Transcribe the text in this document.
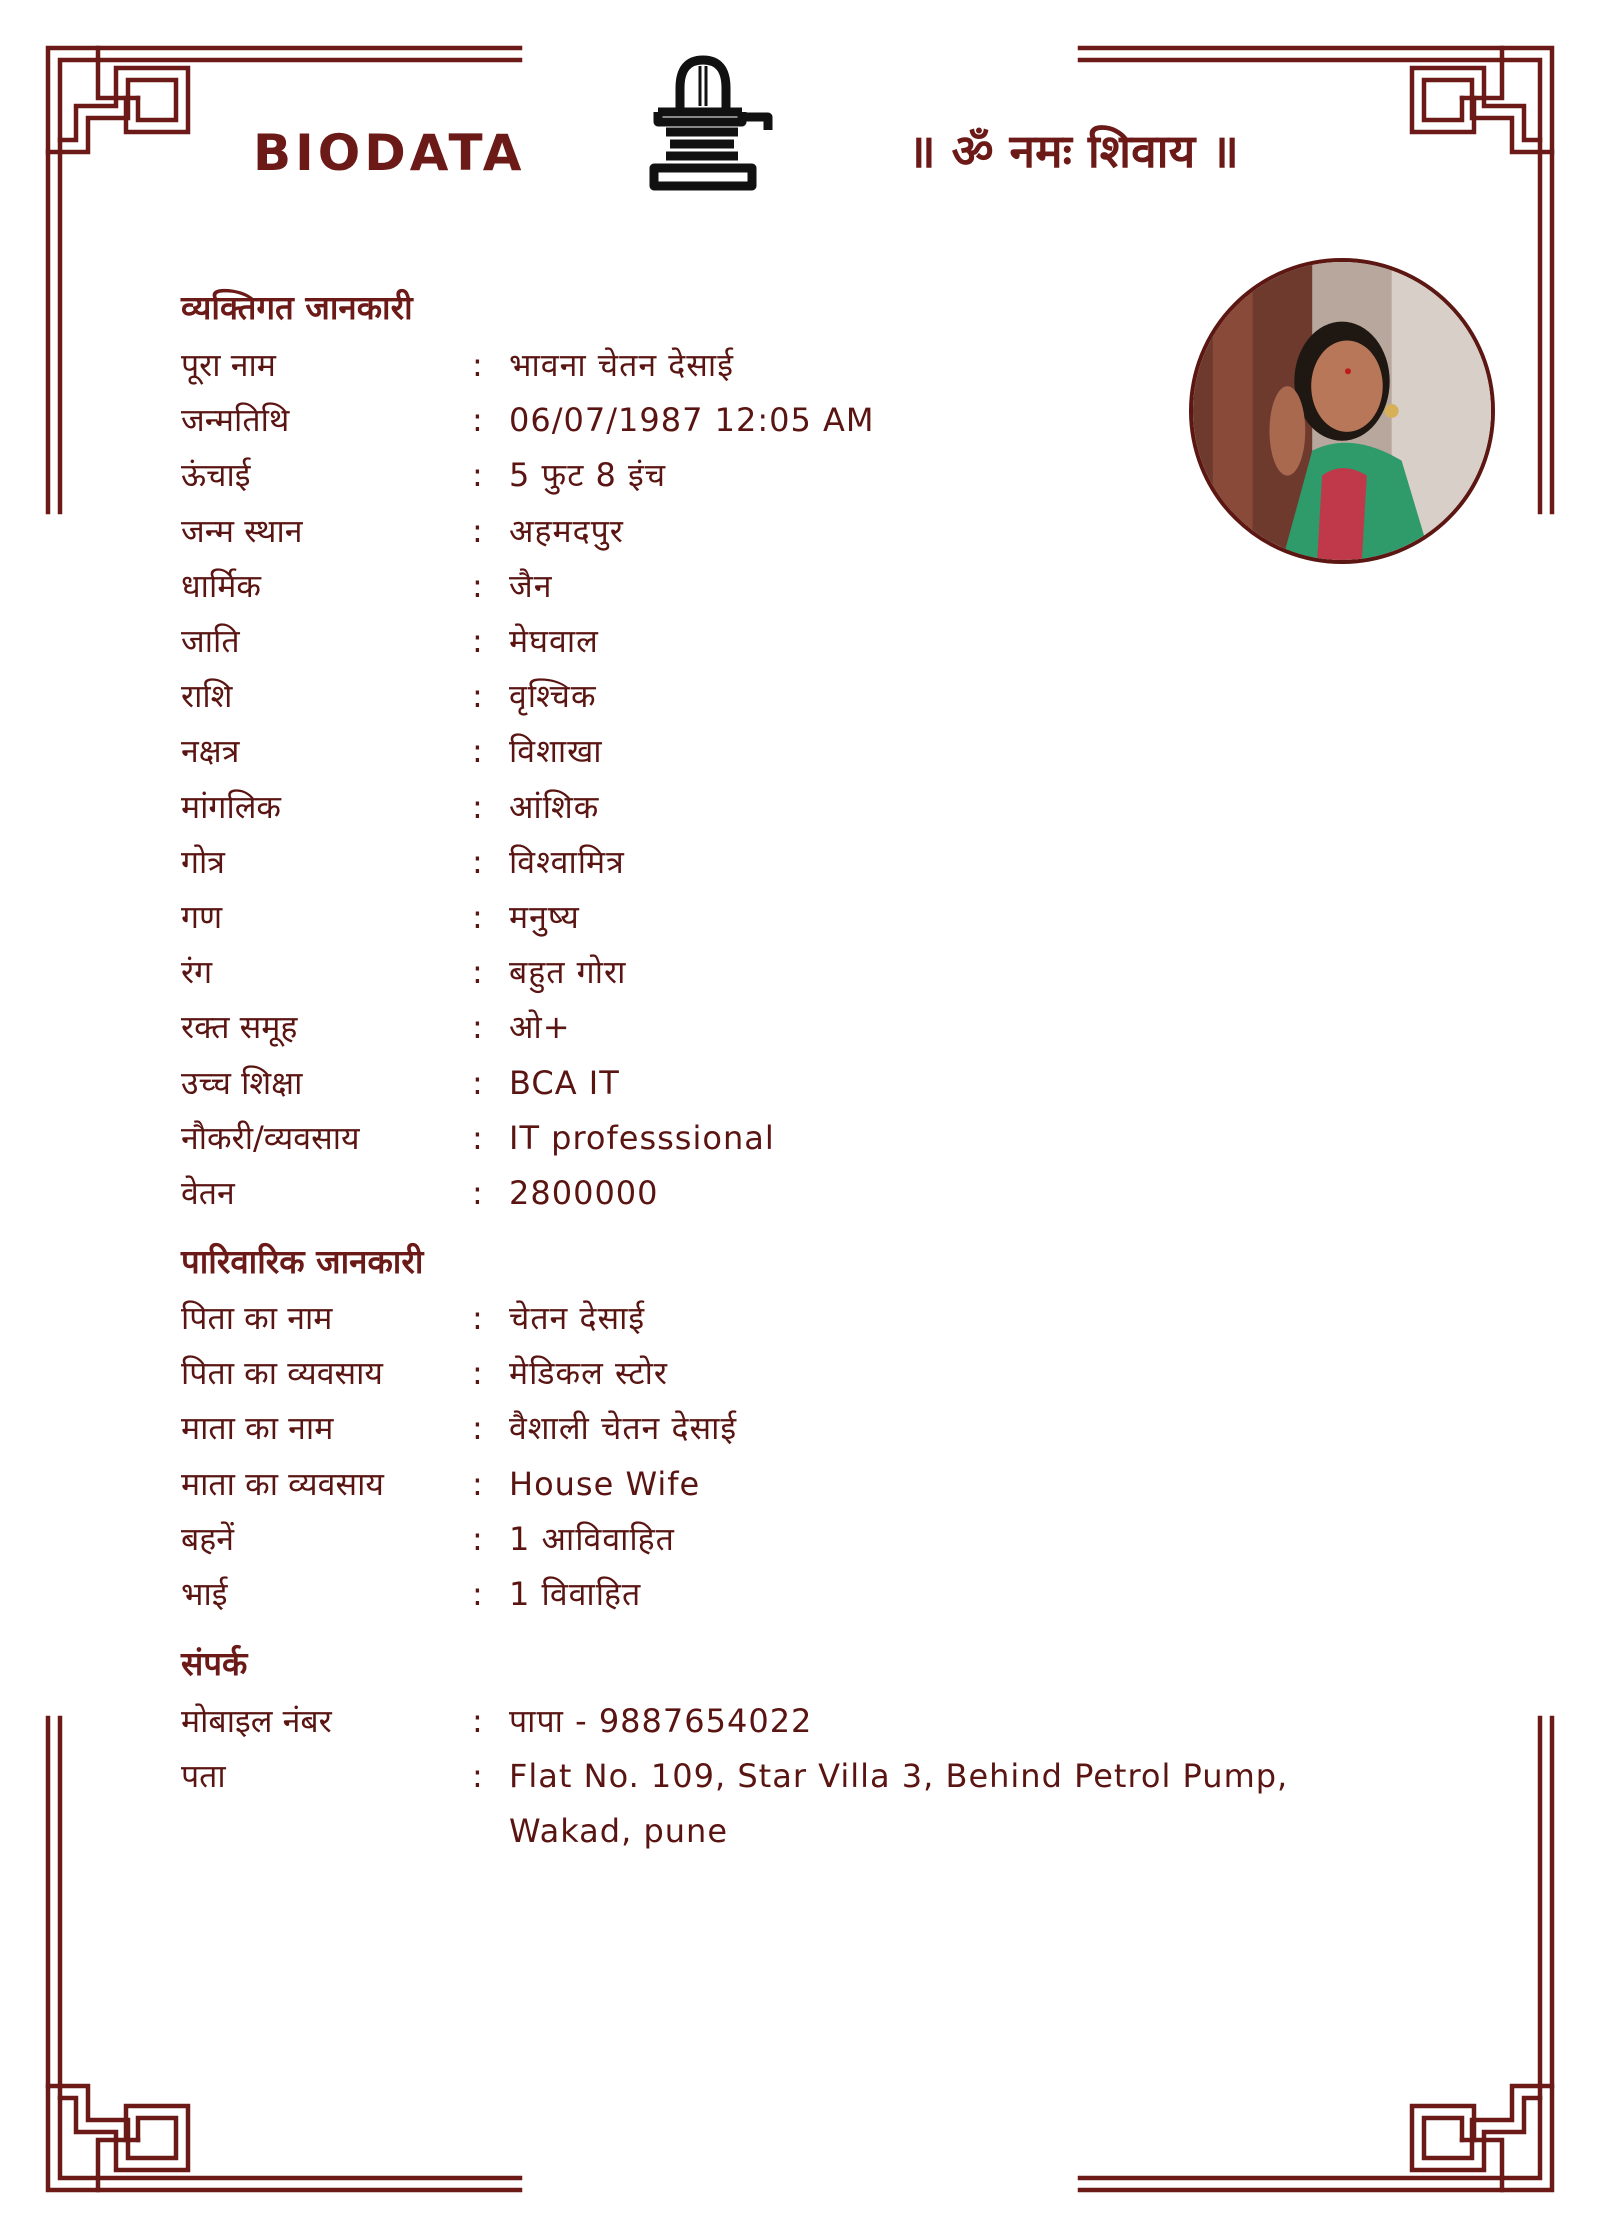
BIODATA	॥ ॐ नमः शिवाय ॥
व्यक्तिगत जानकारी
पूरा नाम	: भावना चेतन देसाई
जन्मतिथि	: 06/07/1987 12:05 AM
ऊंचाई	: 5 फुट 8 इंच
जन्म स्थान	: अहमदपुर
धार्मिक	: जैन
जाति	: मेघवाल
राशि	: वृश्चिक
नक्षत्र	: विशाखा
मांगलिक	: आंशिक
गोत्र	: विश्वामित्र
गण	: मनुष्य
रंग	: बहुत गोरा
रक्त समूह	: ओ+
उच्च शिक्षा	: BCA IT
नौकरी/व्यवसाय	: IT professsional
वेतन	: 2800000
पारिवारिक जानकारी
पिता का नाम	: चेतन देसाई
पिता का व्यवसाय	: मेडिकल स्टोर
माता का नाम	: वैशाली चेतन देसाई
माता का व्यवसाय	: House Wife
बहनें	: 1 आविवाहित
भाई	: 1 विवाहित
संपर्क
मोबाइल नंबर	: पापा - 9887654022
पता	: Flat No. 109, Star Villa 3, Behind Petrol Pump, Wakad, pune
